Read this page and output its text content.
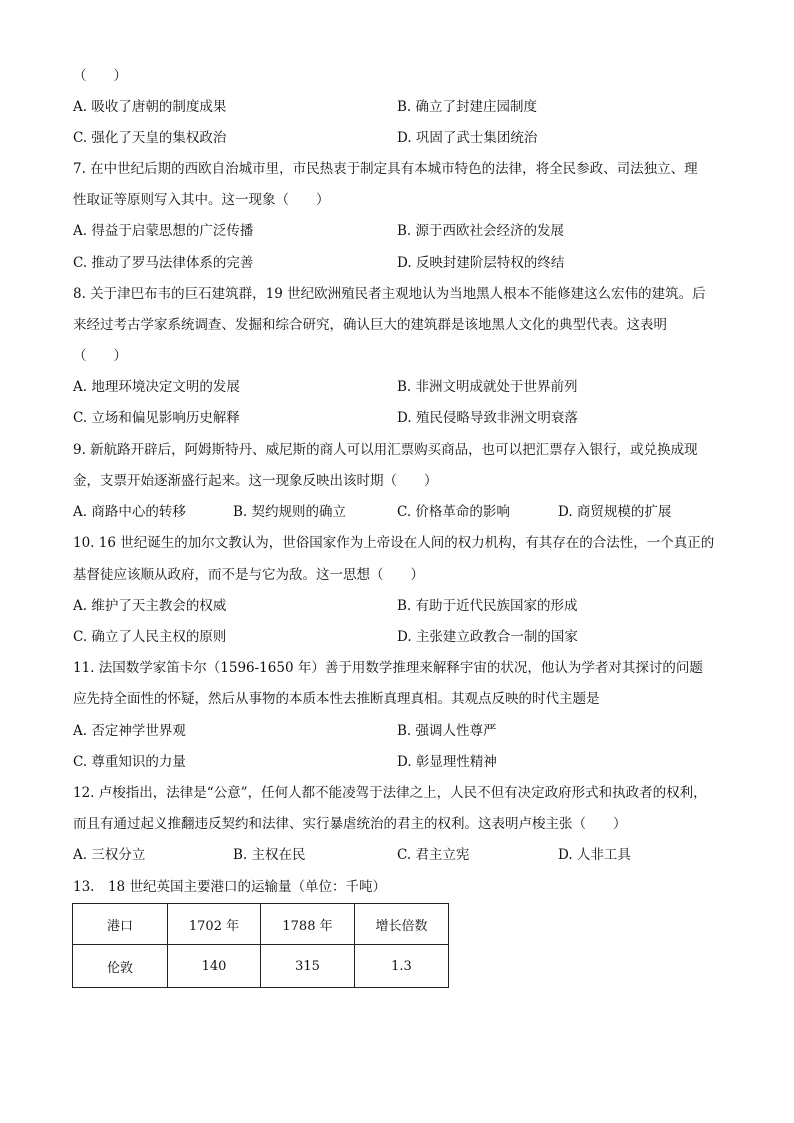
（　　）
A. 吸收了唐朝的制度成果	B. 确立了封建庄园制度
C. 强化了天皇的集权政治	D. 巩固了武士集团统治
7. 在中世纪后期的西欧自治城市里，市民热衷于制定具有本城市特色的法律，将全民参政、司法独立、理
性取证等原则写入其中。这一现象（　　）
A. 得益于启蒙思想的广泛传播	B. 源于西欧社会经济的发展
C. 推动了罗马法律体系的完善	D. 反映封建阶层特权的终结
8. 关于津巴布韦的巨石建筑群，19 世纪欧洲殖民者主观地认为当地黑人根本不能修建这么宏伟的建筑。后
来经过考古学家系统调查、发掘和综合研究，确认巨大的建筑群是该地黑人文化的典型代表。这表明
（　　）
A. 地理环境决定文明的发展	B. 非洲文明成就处于世界前列
C. 立场和偏见影响历史解释	D. 殖民侵略导致非洲文明衰落
9. 新航路开辟后，阿姆斯特丹、威尼斯的商人可以用汇票购买商品，也可以把汇票存入银行，或兑换成现
金，支票开始逐渐盛行起来。这一现象反映出该时期（　　）
A. 商路中心的转移	B. 契约规则的确立	C. 价格革命的影响	D. 商贸规模的扩展
10. 16 世纪诞生的加尔文教认为，世俗国家作为上帝设在人间的权力机构，有其存在的合法性，一个真正的
基督徒应该顺从政府，而不是与它为敌。这一思想（　　）
A. 维护了天主教会的权威	B. 有助于近代民族国家的形成
C. 确立了人民主权的原则	D. 主张建立政教合一制的国家
11. 法国数学家笛卡尔（1596-1650 年）善于用数学推理来解释宇宙的状况，他认为学者对其探讨的问题
应先持全面性的怀疑，然后从事物的本质本性去推断真理真相。其观点反映的时代主题是
A. 否定神学世界观	B. 强调人性尊严
C. 尊重知识的力量	D. 彰显理性精神
12. 卢梭指出，法律是“公意”，任何人都不能凌驾于法律之上，人民不但有决定政府形式和执政者的权利，
而且有通过起义推翻违反契约和法律、实行暴虐统治的君主的权利。这表明卢梭主张（　　）
A. 三权分立	B. 主权在民	C. 君主立宪	D. 人非工具
13.　18 世纪英国主要港口的运输量（单位：千吨）
港口	1702 年	1788 年	增长倍数
伦敦	140	315	1.3
